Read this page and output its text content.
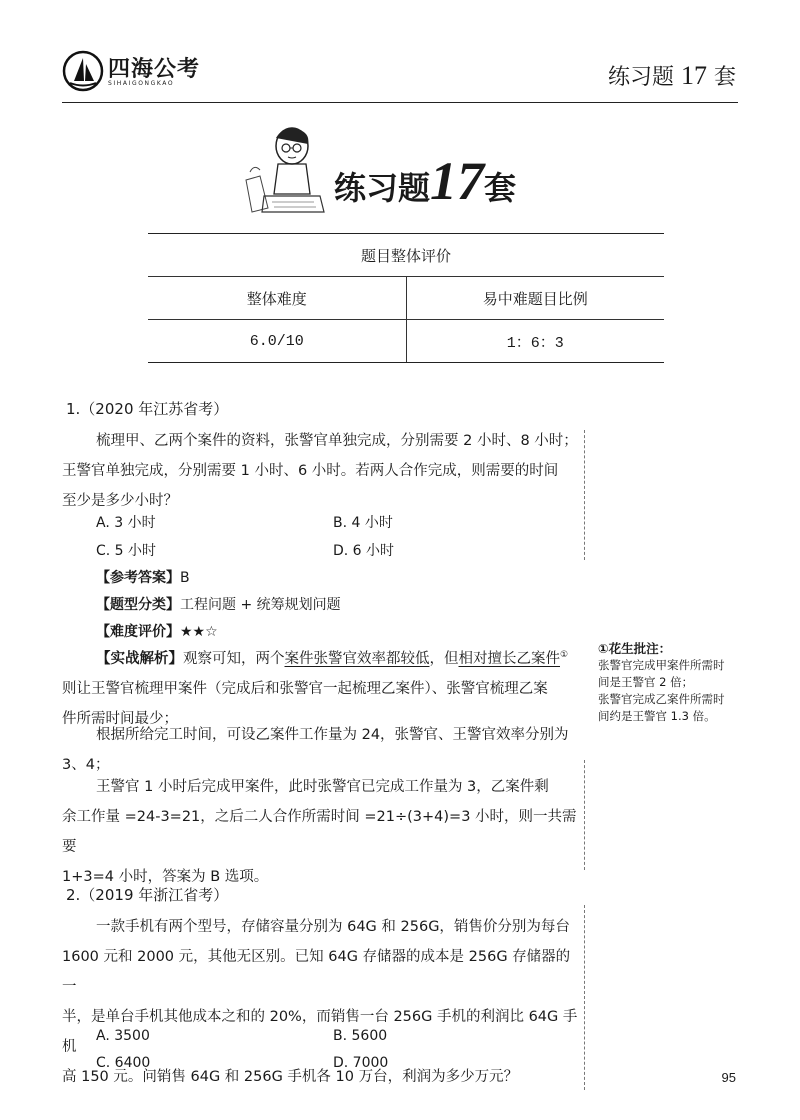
四海公考
SIHAIGONGKAO	练习题 17 套
练习题17套
题目整体评价
整体难度	易中难题目比例
6.0/10	1：6：3
1.（2020 年江苏省考）
梳理甲、乙两个案件的资料，张警官单独完成，分别需要 2 小时、8 小时；
王警官单独完成，分别需要 1 小时、6 小时。若两人合作完成，则需要的时间
至少是多少小时？
A. 3 小时	B. 4 小时
C. 5 小时	D. 6 小时
【参考答案】B
【题型分类】工程问题 + 统筹规划问题
【难度评价】★★☆
【实战解析】观察可知，两个案件张警官效率都较低，但相对擅长乙案件①
则让王警官梳理甲案件（完成后和张警官一起梳理乙案件）、张警官梳理乙案
件所需时间最少；
根据所给完工时间，可设乙案件工作量为 24，张警官、王警官效率分别为
3、4；
王警官 1 小时后完成甲案件，此时张警官已完成工作量为 3，乙案件剩
余工作量 =24-3=21，之后二人合作所需时间 =21÷(3+4)=3 小时，则一共需要
1+3=4 小时，答案为 B 选项。
①花生批注：
张警官完成甲案件所需时
间是王警官 2 倍；
张警官完成乙案件所需时
间约是王警官 1.3 倍。
2.（2019 年浙江省考）
一款手机有两个型号，存储容量分别为 64G 和 256G，销售价分别为每台
1600 元和 2000 元，其他无区别。已知 64G 存储器的成本是 256G 存储器的一
半，是单台手机其他成本之和的 20%，而销售一台 256G 手机的利润比 64G 手机
高 150 元。问销售 64G 和 256G 手机各 10 万台，利润为多少万元？
A. 3500	B. 5600
C. 6400	D. 7000
95
